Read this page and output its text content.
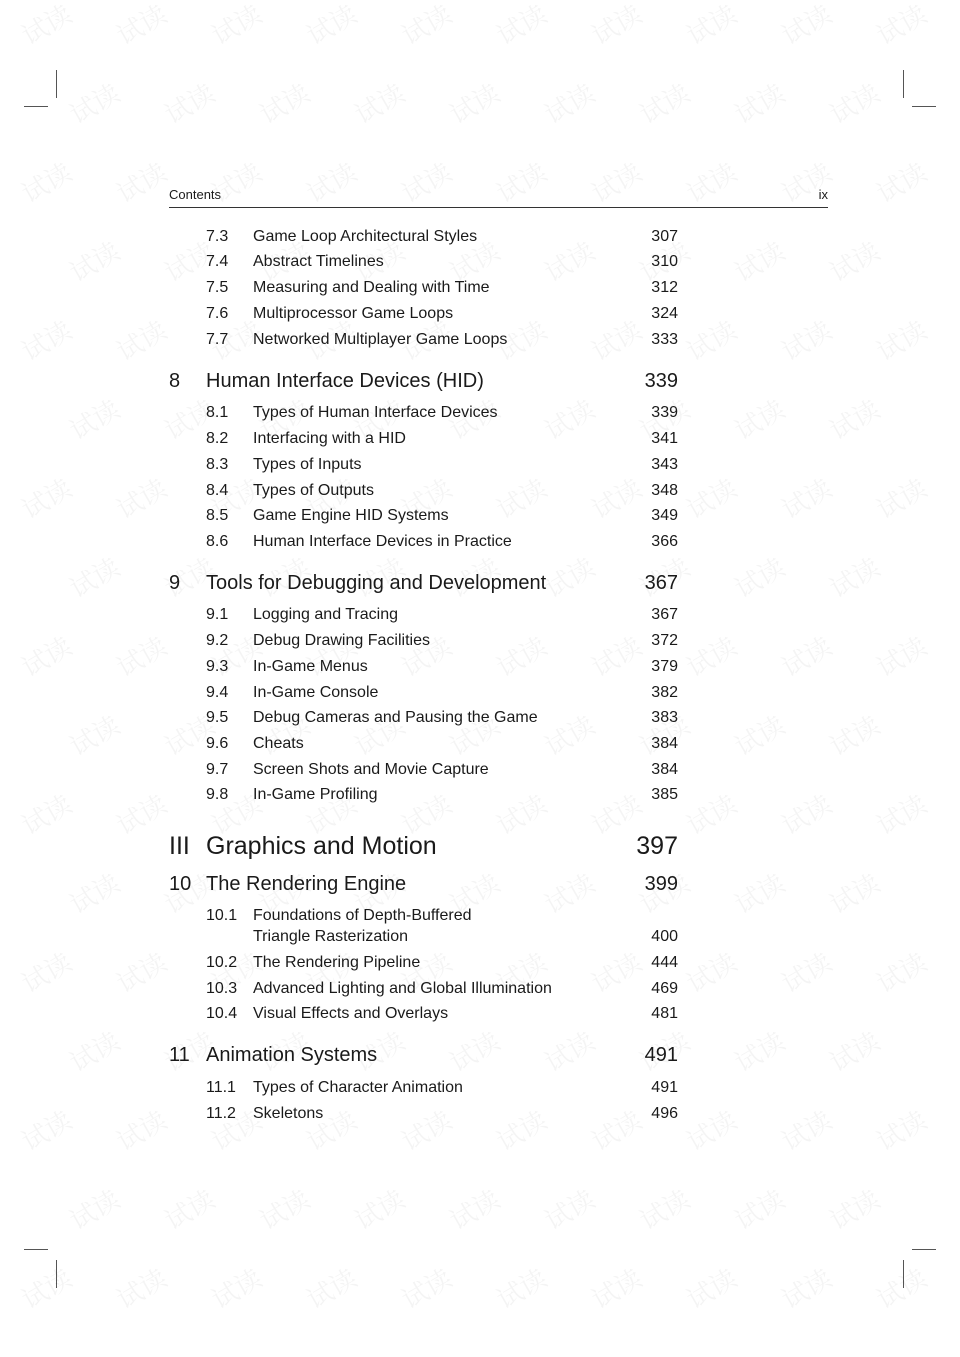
Contents	ix
7.3 Game Loop Architectural Styles	307
7.4 Abstract Timelines	310
7.5 Measuring and Dealing with Time	312
7.6 Multiprocessor Game Loops	324
7.7 Networked Multiplayer Game Loops	333
8 Human Interface Devices (HID)	339
8.1 Types of Human Interface Devices	339
8.2 Interfacing with a HID	341
8.3 Types of Inputs	343
8.4 Types of Outputs	348
8.5 Game Engine HID Systems	349
8.6 Human Interface Devices in Practice	366
9 Tools for Debugging and Development	367
9.1 Logging and Tracing	367
9.2 Debug Drawing Facilities	372
9.3 In-Game Menus	379
9.4 In-Game Console	382
9.5 Debug Cameras and Pausing the Game	383
9.6 Cheats	384
9.7 Screen Shots and Movie Capture	384
9.8 In-Game Profiling	385
III Graphics and Motion	397
10 The Rendering Engine	399
10.1 Foundations of Depth-Buffered
Triangle Rasterization	400
10.2 The Rendering Pipeline	444
10.3 Advanced Lighting and Global Illumination	469
10.4 Visual Effects and Overlays	481
11 Animation Systems	491
11.1 Types of Character Animation	491
11.2 Skeletons	496
